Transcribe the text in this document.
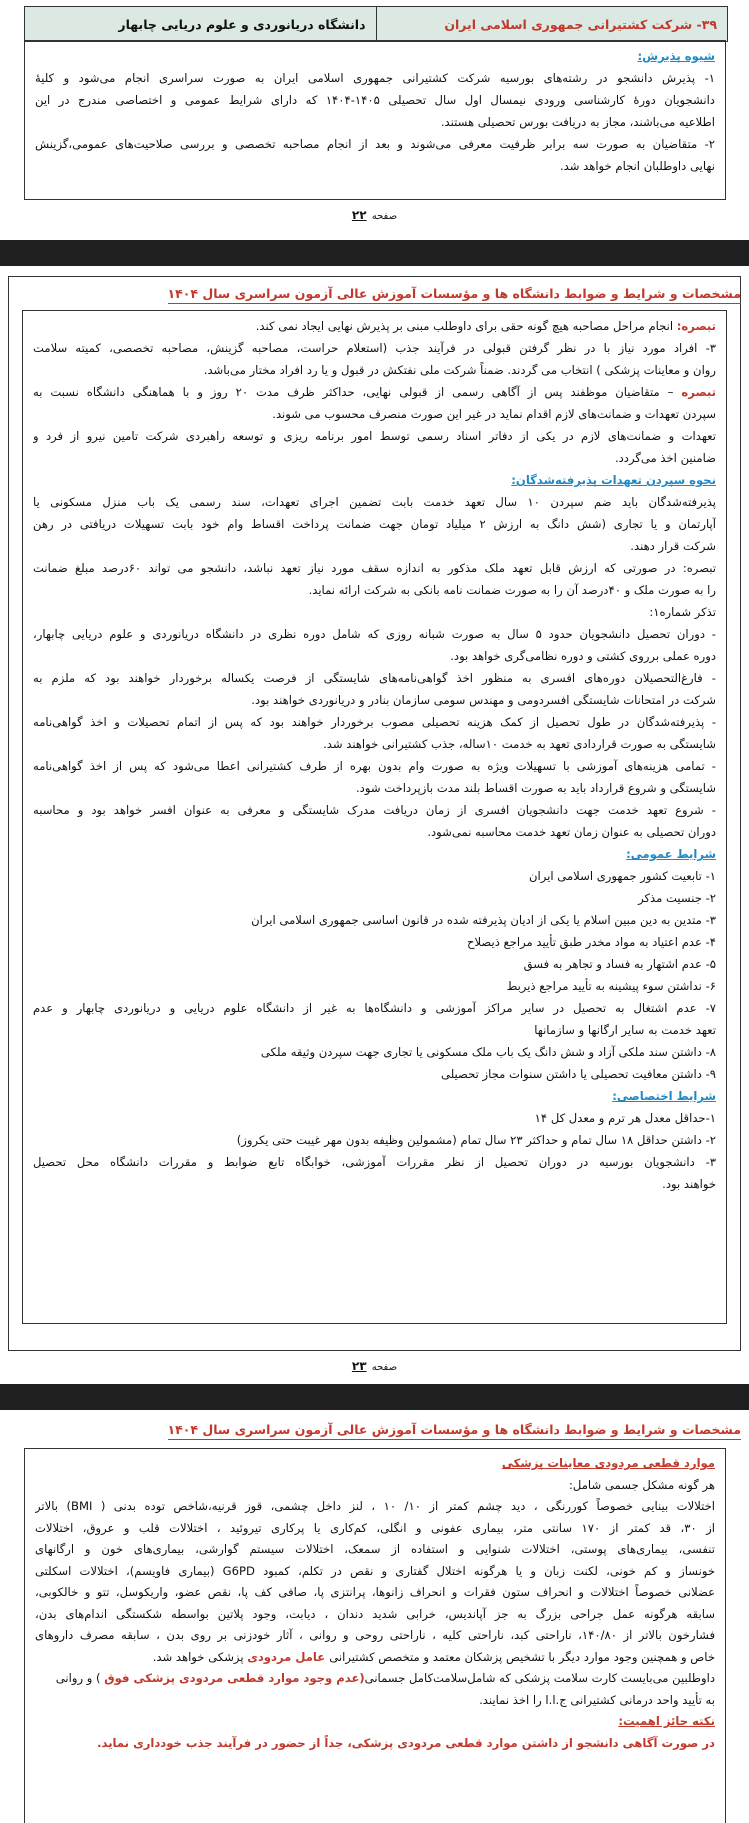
۳۹- شرکت کشتیرانی جمهوری اسلامی ایران
دانشگاه دریانوردی و علوم دریایی چابهار
شیوه پذیرش:
۱- پذیرش دانشجو در رشته‌های بورسیه شرکت کشتیرانی جمهوری اسلامی ایران به صورت سراسری انجام می‌شود و کلیهٔ
دانشجویان دورهٔ کارشناسی ورودی نیمسال اول سال تحصیلی ۱۴۰۵-۱۴۰۴ که دارای شرایط عمومی و اختصاصی مندرج در این
اطلاعیه می‌باشند، مجاز به دریافت بورس تحصیلی هستند.
۲- متقاضیان به صورت سه برابر ظرفیت معرفی می‌شوند و بعد از انجام مصاحبه تخصصی و بررسی صلاحیت‌های عمومی،گزینش
نهایی داوطلبان انجام خواهد شد.
صفحه ۲۲
مشخصات و شرایط و ضوابط دانشگاه ها و مؤسسات آموزش عالی آزمون سراسری سال ۱۴۰۴
تبصره: انجام مراحل مصاحبه هیچ گونه حقی برای داوطلب مبنی بر پذیرش نهایی ایجاد نمی کند.
۳- افراد مورد نیاز با در نظر گرفتن قبولی در فرآیند جذب (استعلام حراست، مصاحبه گزینش، مصاحبه تخصصی، کمیته سلامت
روان و معاینات پزشکی ) انتخاب می گردند. ضمناً شرکت ملی نفتکش در قبول و یا رد افراد مختار می‌باشد.
تبصره – متقاضیان موظفند پس از آگاهی رسمی از قبولی نهایی، حداکثر ظرف مدت ۲۰ روز و با هماهنگی دانشگاه نسبت به
سپردن تعهدات و ضمانت‌های لازم اقدام نماید در غیر این صورت منصرف محسوب می شوند.
تعهدات و ضمانت‌های لازم در یکی از دفاتر اسناد رسمی توسط امور برنامه ریزی و توسعه راهبردی شرکت تامین نیرو از فرد و
ضامنین اخذ می‌گردد.
نحوه سپردن تعهدات پذیرفته‌شدگان:
پذیرفته‌شدگان باید ضم سپردن ۱۰ سال تعهد خدمت بابت تضمین اجرای تعهدات، سند رسمی یک باب منزل مسکونی یا
آپارتمان و یا تجاری (شش دانگ به ارزش ۲ میلیاد تومان جهت ضمانت پرداخت اقساط وام خود بابت تسهیلات دریافتی در رهن
شرکت قرار دهند.
تبصره: در صورتی که ارزش قابل تعهد ملک مذکور به اندازه سقف مورد نیاز تعهد نباشد، دانشجو می تواند ۶۰درصد مبلغ ضمانت
را به صورت ملک و ۴۰درصد آن را به صورت ضمانت نامه بانکی به شرکت ارائه نماید.
تذکر شماره۱:
- دوران تحصیل دانشجویان حدود ۵ سال به صورت شبانه روزی که شامل دوره نظری در دانشگاه دریانوردی و علوم دریایی چابهار،
دوره عملی برروی کشتی و دوره نظامی‌گری خواهد بود.
- فارغ‌التحصیلان دوره‌های افسری به منظور اخذ گواهی‌نامه‌های شایستگی از فرصت یکساله برخوردار خواهند بود که ملزم به
شرکت در امتحانات شایستگی افسردومی و مهندس سومی سازمان بنادر و دریانوردی خواهند بود.
- پذیرفته‌شدگان در طول تحصیل از کمک هزینه تحصیلی مصوب برخوردار خواهند بود که پس از اتمام تحصیلات و اخذ گواهی‌نامه
شایستگی به صورت قراردادی تعهد به خدمت ۱۰ساله، جذب کشتیرانی خواهند شد.
- تمامی هزینه‌های آموزشی با تسهیلات ویژه به صورت وام بدون بهره از طرف کشتیرانی اعطا می‌شود که پس از اخذ گواهی‌نامه
شایستگی و شروع قرارداد باید به صورت اقساط بلند مدت بازپرداخت شود.
- شروع تعهد خدمت جهت دانشجویان افسری از زمان دریافت مدرک شایستگی و معرفی به عنوان افسر خواهد بود و محاسبه
دوران تحصیلی به عنوان زمان تعهد خدمت محاسبه نمی‌شود.
شرایط عمومی:
۱- تابعیت کشور جمهوری اسلامی ایران
۲- جنسیت مذکر
۳- متدین به دین مبین اسلام یا یکی از ادیان پذیرفته شده در قانون اساسی جمهوری اسلامی ایران
۴- عدم اعتیاد به مواد مخدر طبق تأیید مراجع ذیصلاح
۵- عدم اشتهار به فساد و تجاهر به فسق
۶- نداشتن سوء پیشینه به تأیید مراجع ذیربط
۷- عدم اشتغال به تحصیل در سایر مراکز آموزشی و دانشگاه‌ها به غیر از دانشگاه علوم دریایی و دریانوردی چابهار و عدم
تعهد خدمت به سایر ارگانها و سازمانها
۸- داشتن سند ملکی آزاد و شش دانگ یک باب ملک مسکونی یا تجاری جهت سپردن وثیقه ملکی
۹- داشتن معافیت تحصیلی یا داشتن سنوات مجاز تحصیلی
شرایط اختصاصی:
۱-حداقل معدل هر ترم و معدل کل ۱۴
۲- داشتن حداقل ۱۸ سال تمام و حداکثر ۲۳ سال تمام (مشمولین وظیفه بدون مهر غیبت حتی یکروز)
۳- دانشجویان بورسیه در دوران تحصیل از نظر مقررات آموزشی، خوابگاه تابع ضوابط و مقررات دانشگاه محل تحصیل
خواهند بود.
صفحه ۲۳
مشخصات و شرایط و ضوابط دانشگاه ها و مؤسسات آموزش عالی آزمون سراسری سال ۱۴۰۴
موارد قطعی مردودی معاینات پزشکی
هر گونه مشکل جسمی شامل:
اختلالات بینایی خصوصاً کوررنگی ، دید چشم کمتر از ۱۰/ ۱۰ ، لنز داخل چشمی، قوز قرنیه،شاخص توده بدنی ( BMI) بالاتر
از ۳۰، قد کمتر از ۱۷۰ سانتی متر، بیماری عفونی و انگلی، کم‌کاری یا پرکاری تیروئید ، اختلالات قلب و عروق، اختلالات
تنفسی، بیماری‌های پوستی، اختلالات شنوایی و استفاده از سمعک، اختلالات سیستم گوارشی، بیماری‌های خون و ارگانهای
خونساز و کم خونی، لکنت زبان و یا هرگونه اختلال گفتاری و نقص در تکلم، کمبود G6PD (بیماری فاویسم)، اختلالات اسکلتی
عضلانی خصوصاً اختلالات و انحراف ستون فقرات و انحراف زانوها، پرانتزی پا، صافی کف پا، نقص عضو، واریکوسل، تتو و خالکوبی،
سابقه هرگونه عمل جراحی بزرگ به جز آپاندیس، خرابی شدید دندان ، دیابت، وجود پلاتین بواسطه شکستگی اندام‌های بدن،
فشارخون بالاتر از ۱۴۰/۸۰، ناراحتی کبد، ناراحتی کلیه ، ناراحتی روحی و روانی ، آثار خودزنی بر روی بدن ، سابقه مصرف داروهای
خاص و همچنین وجود موارد دیگر با تشخیص پزشکان معتمد و متخصص کشتیرانی عامل مردودی پزشکی خواهد شد.
داوطلبین می‌بایست کارت سلامت پزشکی که شامل‌سلامت‌کامل جسمانی(عدم وجود موارد قطعی مردودی پزشکی فوق ) و روانی
به تأیید واحد درمانی کشتیرانی ج.ا.ا را اخذ نمایند.
نکته حائز اهمیت:
در صورت آگاهی دانشجو از داشتن موارد قطعی مردودی پزشکی، جداً از حضور در فرآیند جذب خودداری نماید.
